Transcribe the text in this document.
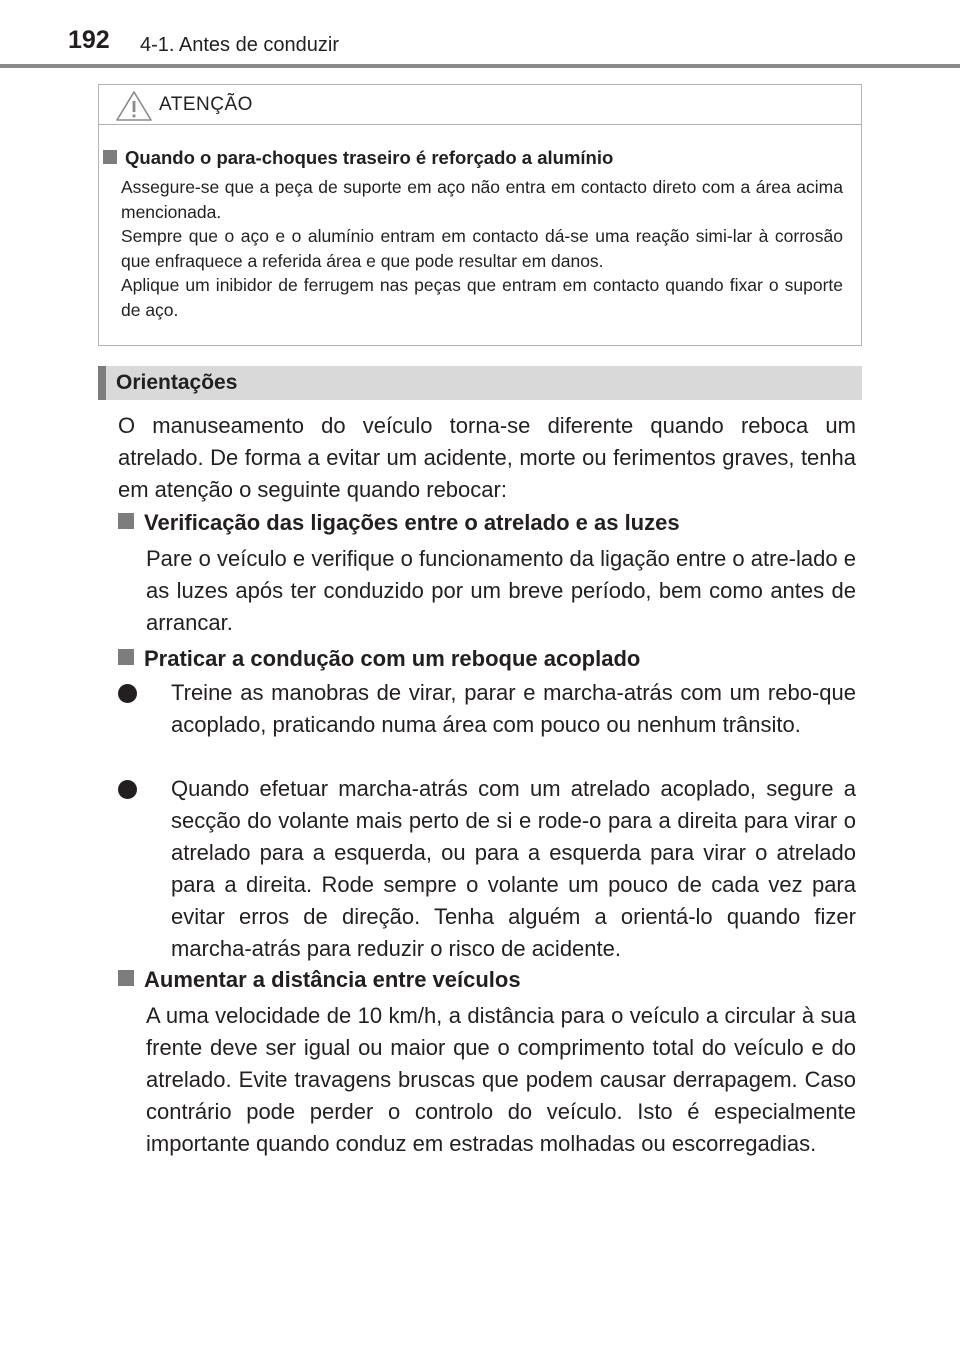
192 4-1. Antes de conduzir
ATENÇÃO
Quando o para-choques traseiro é reforçado a alumínio

Assegure-se que a peça de suporte em aço não entra em contacto direto com a área acima mencionada.

Sempre que o aço e o alumínio entram em contacto dá-se uma reação simi-lar à corrosão que enfraquece a referida área e que pode resultar em danos.

Aplique um inibidor de ferrugem nas peças que entram em contacto quando fixar o suporte de aço.

Orientações

O manuseamento do veículo torna-se diferente quando reboca um atrelado. De forma a evitar um acidente, morte ou ferimentos graves, tenha em atenção o seguinte quando rebocar:

Verificação das ligações entre o atrelado e as luzes

Pare o veículo e verifique o funcionamento da ligação entre o atre-lado e as luzes após ter conduzido por um breve período, bem como antes de arrancar.

Praticar a condução com um reboque acoplado

Treine as manobras de virar, parar e marcha-atrás com um rebo-que acoplado, praticando numa área com pouco ou nenhum trânsito.

Quando efetuar marcha-atrás com um atrelado acoplado, segure a secção do volante mais perto de si e rode-o para a direita para virar o atrelado para a esquerda, ou para a esquerda para virar o atrelado para a direita. Rode sempre o volante um pouco de cada vez para evitar erros de direção. Tenha alguém a orientá-lo quando fizer marcha-atrás para reduzir o risco de acidente.

Aumentar a distância entre veículos

A uma velocidade de 10 km/h, a distância para o veículo a circular à sua frente deve ser igual ou maior que o comprimento total do veículo e do atrelado. Evite travagens bruscas que podem causar derrapagem. Caso contrário pode perder o controlo do veículo. Isto é especialmente importante quando conduz em estradas molhadas ou escorregadias.
